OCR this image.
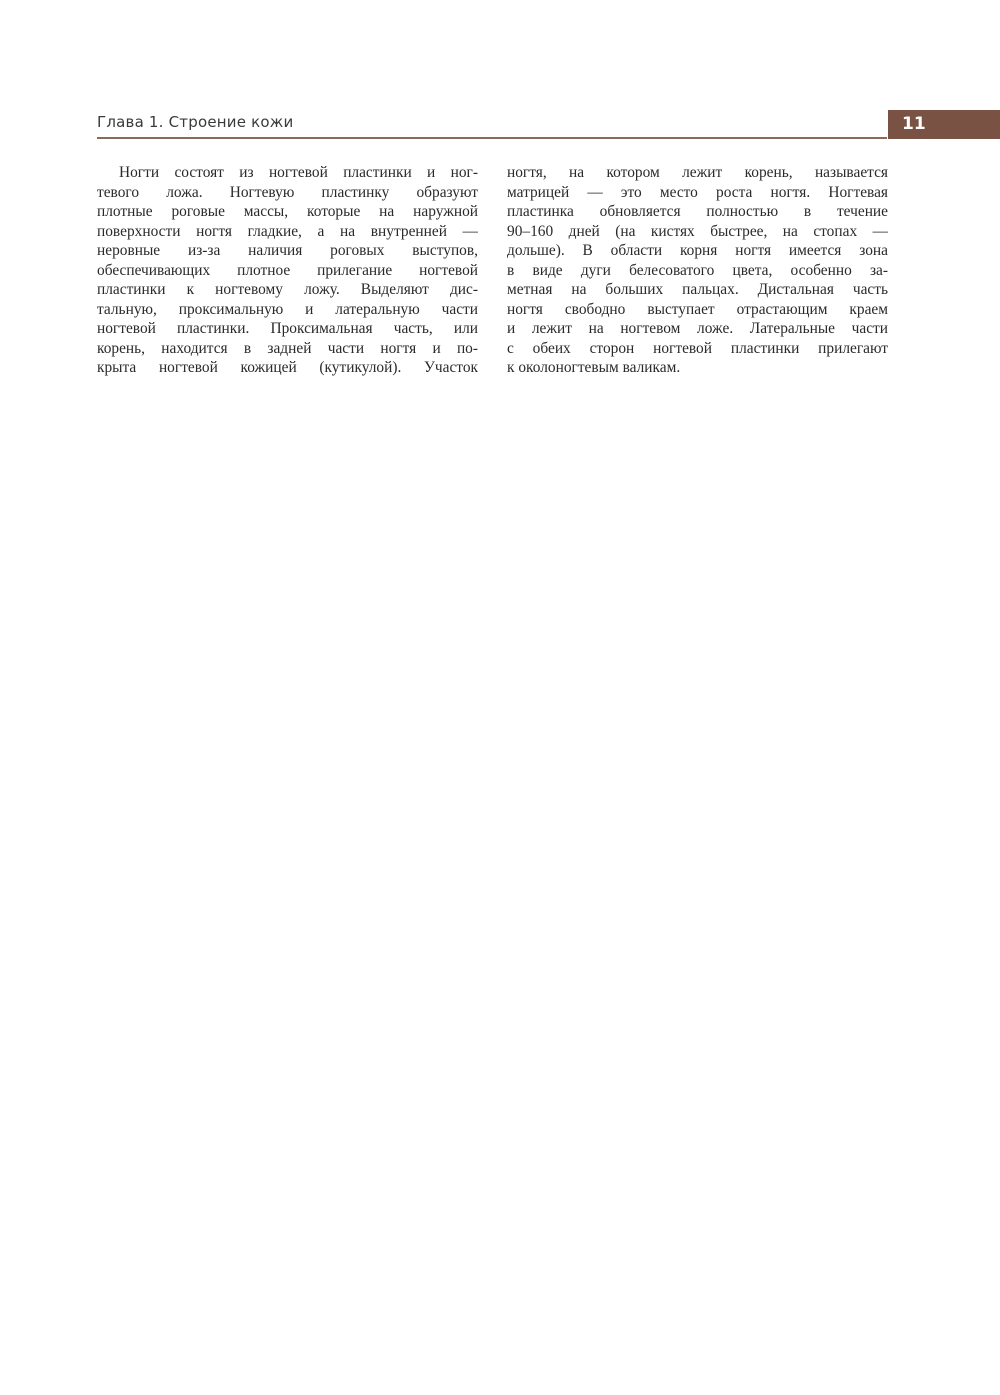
Глава 1. Строение кожи	11
Ногти состоят из ногтевой пластинки и ног-
тевого ложа. Ногтевую пластинку образуют
плотные роговые массы, которые на наружной
поверхности ногтя гладкие, а на внутренней —
неровные из-за наличия роговых выступов,
обеспечивающих плотное прилегание ногтевой
пластинки к ногтевому ложу. Выделяют дис-
тальную, проксимальную и латеральную части
ногтевой пластинки. Проксимальная часть, или
корень, находится в задней части ногтя и по-
крыта ногтевой кожицей (кутикулой). Участок
ногтя, на котором лежит корень, называется
матрицей — это место роста ногтя. Ногтевая
пластинка обновляется полностью в течение
90–160 дней (на кистях быстрее, на стопах —
дольше). В области корня ногтя имеется зона
в виде дуги белесоватого цвета, особенно за-
метная на больших пальцах. Дистальная часть
ногтя свободно выступает отрастающим краем
и лежит на ногтевом ложе. Латеральные части
с обеих сторон ногтевой пластинки прилегают
к околоногтевым валикам.
